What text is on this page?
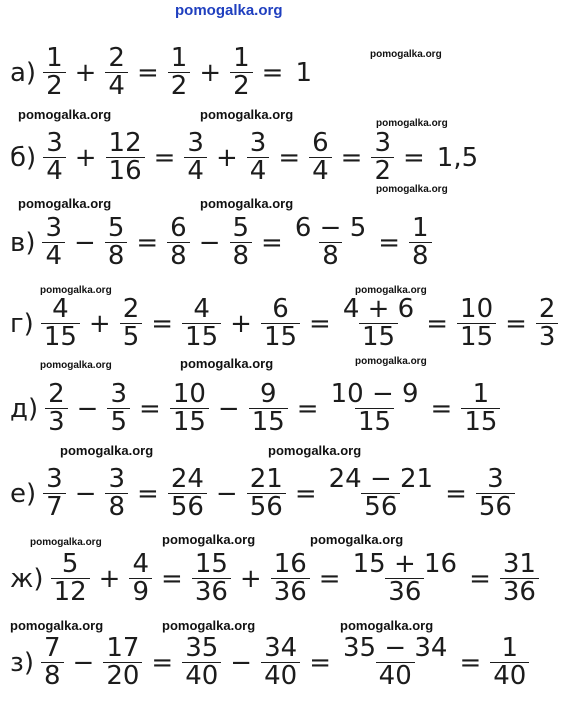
pomogalka.org
pomogalka.org
pomogalka.org	pomogalka.org
pomogalka.org
pomogalka.org
pomogalka.org	pomogalka.org
pomogalka.org	pomogalka.org
pomogalka.org	pomogalka.org	pomogalka.org
pomogalka.org	pomogalka.org
pomogalka.org	pomogalka.org	pomogalka.org
pomogalka.org	pomogalka.org	pomogalka.org
$а) \frac{1}{2} + \frac{2}{4} = \frac{1}{2} + \frac{1}{2} = 1$
$б) \frac{3}{4} + \frac{12}{16} = \frac{3}{4} + \frac{3}{4} = \frac{6}{4} = \frac{3}{2} = 1,5$
$в) \frac{3}{4} - \frac{5}{8} = \frac{6}{8} - \frac{5}{8} = \frac{6 - 5}{8} = \frac{1}{8}$
$г) \frac{4}{15} + \frac{2}{5} = \frac{4}{15} + \frac{6}{15} = \frac{4 + 6}{15} = \frac{10}{15} = \frac{2}{3}$
$д) \frac{2}{3} - \frac{3}{5} = \frac{10}{15} - \frac{9}{15} = \frac{10 - 9}{15} = \frac{1}{15}$
$е) \frac{3}{7} - \frac{3}{8} = \frac{24}{56} - \frac{21}{56} = \frac{24 - 21}{56} = \frac{3}{56}$
$ж) \frac{5}{12} + \frac{4}{9} = \frac{15}{36} + \frac{16}{36} = \frac{15 + 16}{36} = \frac{31}{36}$
$з) \frac{7}{8} - \frac{17}{20} = \frac{35}{40} - \frac{34}{40} = \frac{35 - 34}{40} = \frac{1}{40}$
